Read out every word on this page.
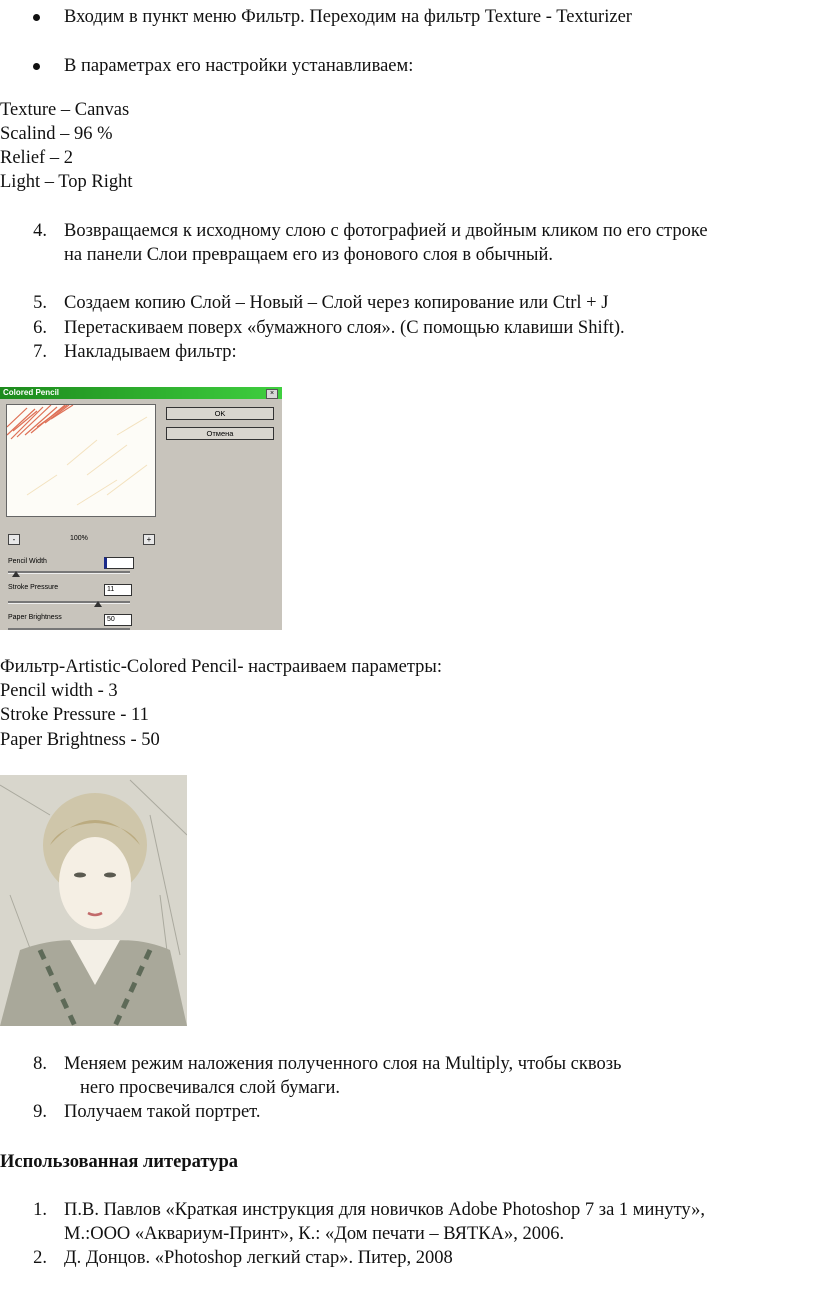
Входим в пункт меню Фильтр. Переходим на фильтр Texture - Texturizer
В параметрах его настройки устанавливаем:
Texture – Canvas
Scalind – 96 %
Relief – 2
Light – Top Right
4. Возвращаемся к исходному слою с фотографией и двойным кликом по его строке
на панели Слои превращаем его из фонового слоя в обычный.
5. Создаем копию Слой – Новый – Слой через копирование или Ctrl + J
6. Перетаскиваем поверх «бумажного слоя». (С помощью клавиши Shift).
7. Накладываем фильтр:
Colored Pencil	×
OK
Отмена
-	100%	+
Pencil Width
Stroke Pressure	11
Paper Brightness	50
Фильтр-Artistic-Colored Pencil- настраиваем параметры:
Pencil width - 3
Stroke Pressure - 11
Paper Brightness - 50
8. Меняем режим наложения полученного слоя на Multiply, чтобы сквозь
него просвечивался слой бумаги.
9. Получаем такой портрет.
Использованная литература
1. П.В. Павлов «Краткая инструкция для новичков Adobe Photoshop 7 за 1 минуту»,
М.:ООО «Аквариум-Принт», К.: «Дом печати – ВЯТКА», 2006.
2. Д. Донцов. «Photoshop легкий стар». Питер, 2008
